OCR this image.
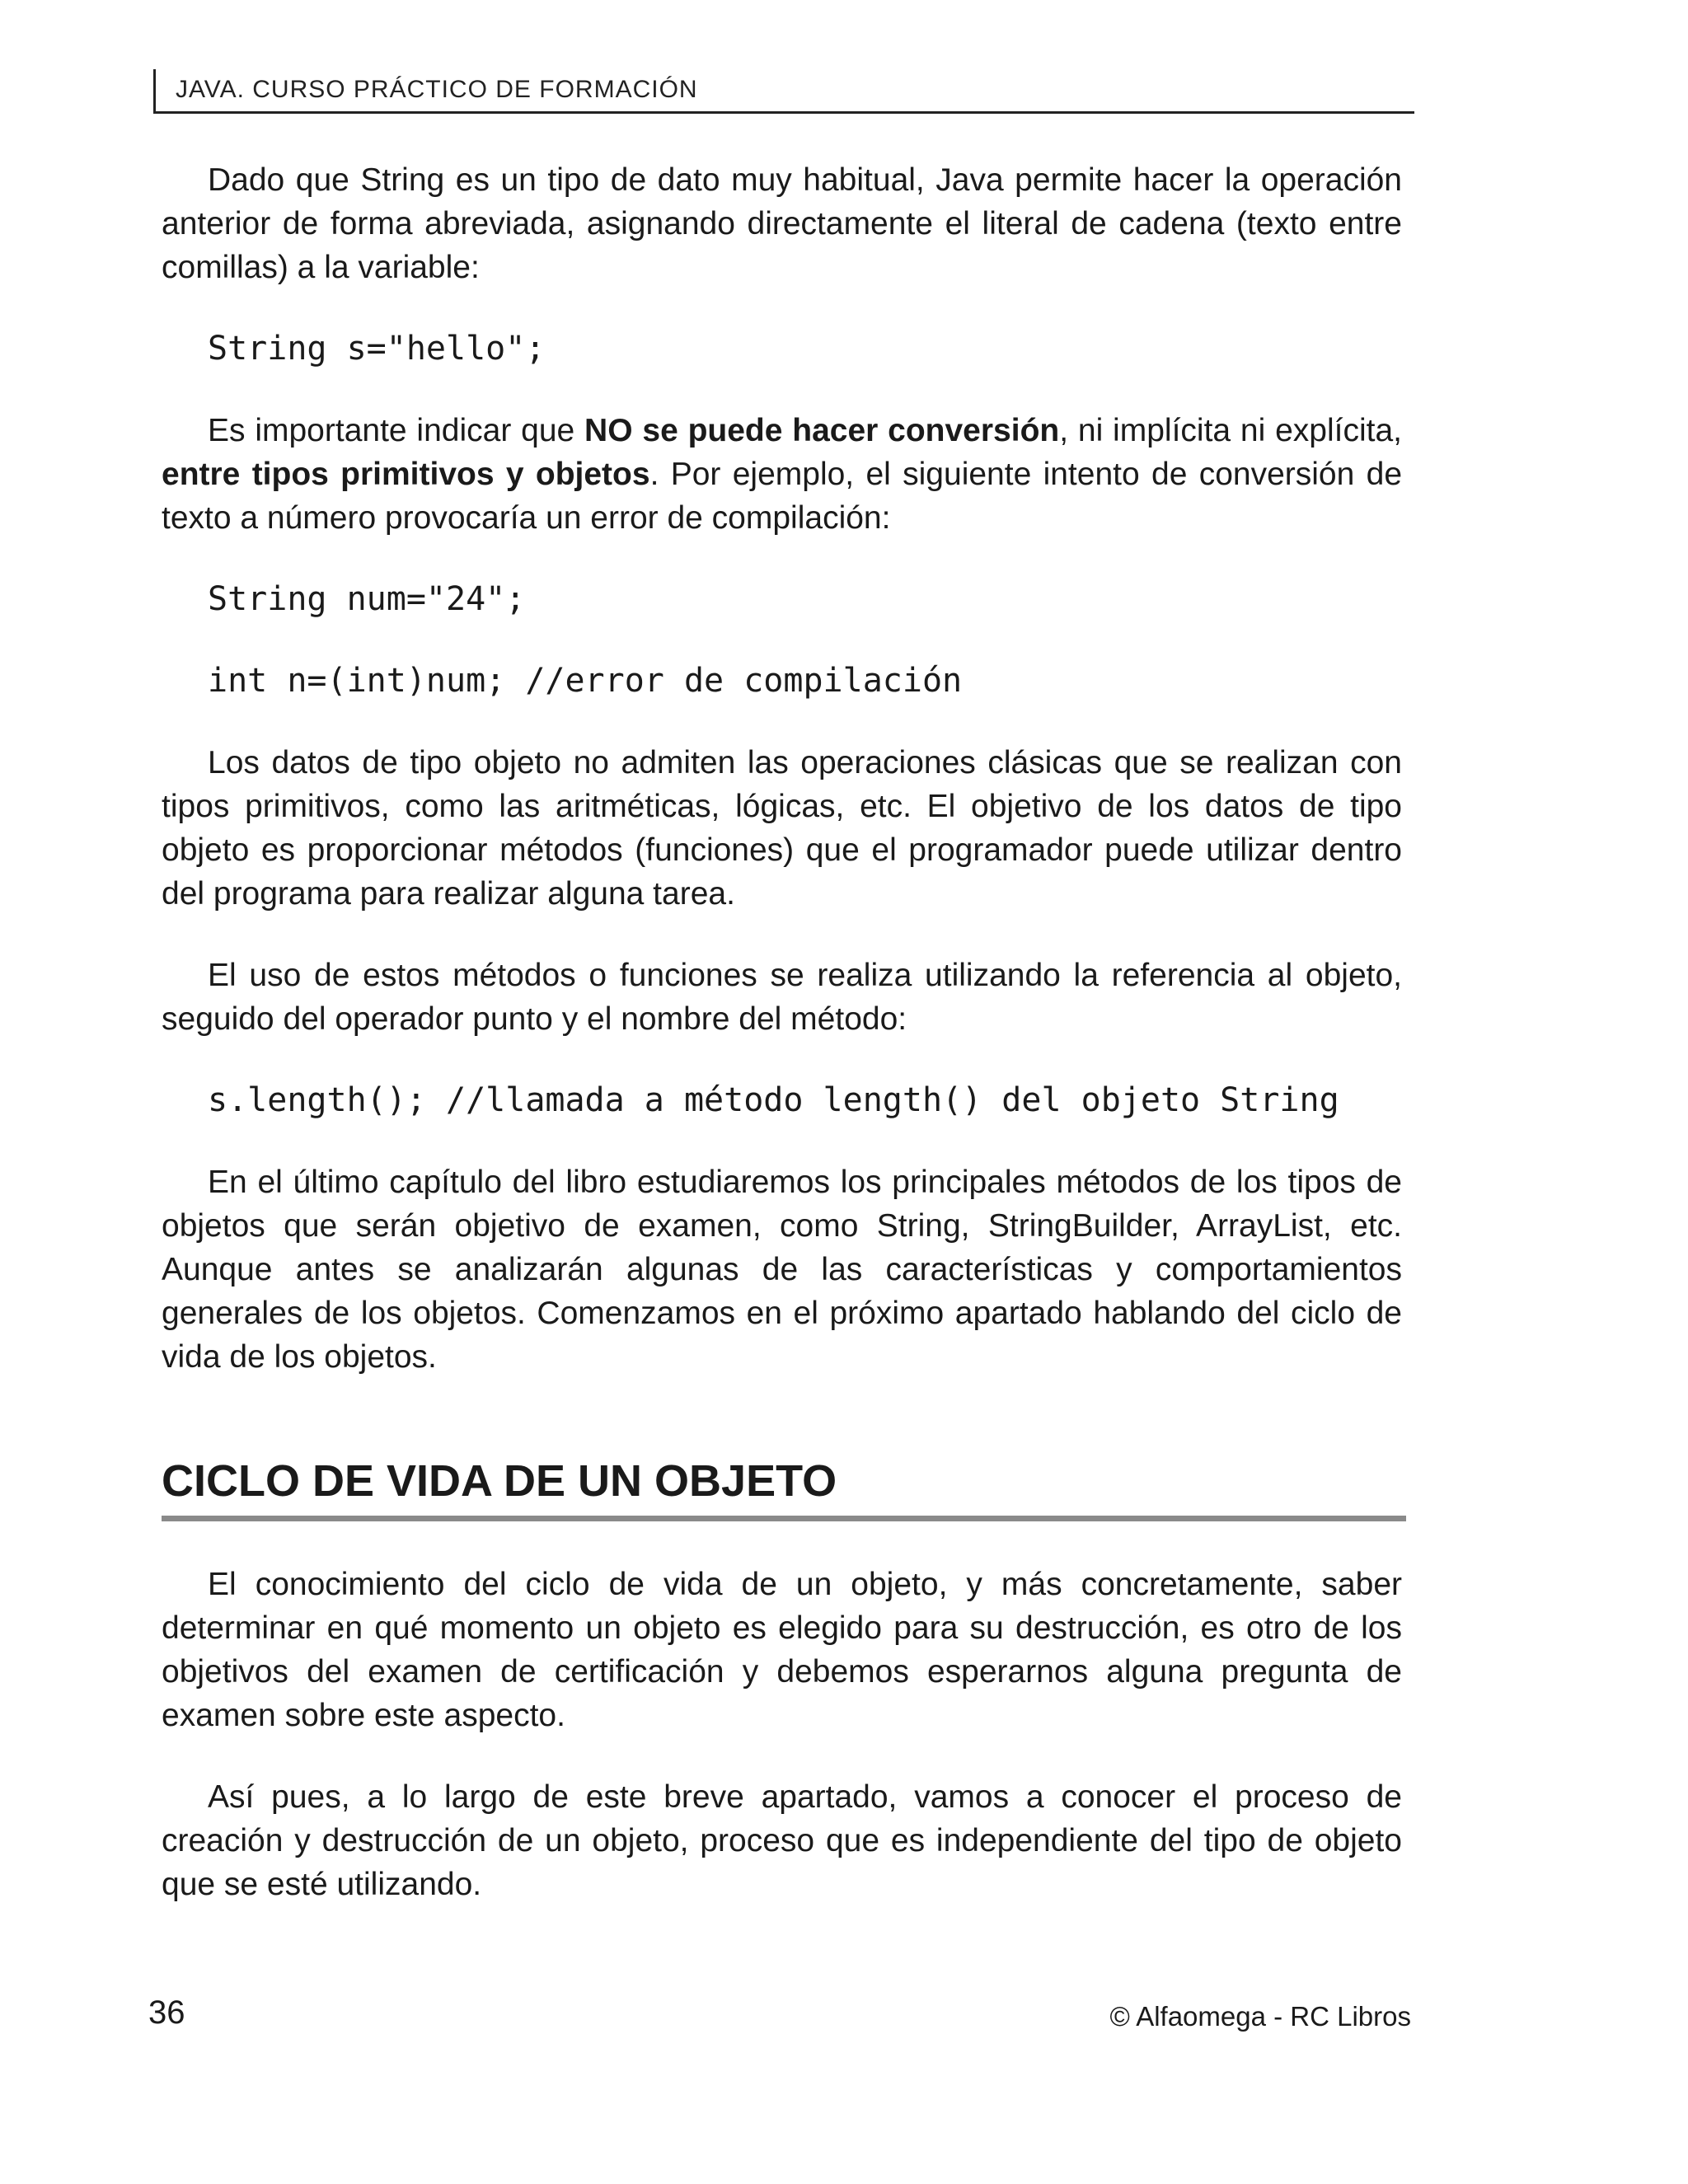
JAVA. CURSO PRÁCTICO DE FORMACIÓN

Dado que String es un tipo de dato muy habitual, Java permite hacer la operación anterior de forma abreviada, asignando directamente el literal de cadena (texto entre comillas) a la variable:

String s="hello";

Es importante indicar que NO se puede hacer conversión, ni implícita ni explícita, entre tipos primitivos y objetos. Por ejemplo, el siguiente intento de conversión de texto a número provocaría un error de compilación:

String num="24";
int n=(int)num; //error de compilación

Los datos de tipo objeto no admiten las operaciones clásicas que se realizan con tipos primitivos, como las aritméticas, lógicas, etc. El objetivo de los datos de tipo objeto es proporcionar métodos (funciones) que el programador puede utilizar dentro del programa para realizar alguna tarea.

El uso de estos métodos o funciones se realiza utilizando la referencia al objeto, seguido del operador punto y el nombre del método:

s.length(); //llamada a método length() del objeto String

En el último capítulo del libro estudiaremos los principales métodos de los tipos de objetos que serán objetivo de examen, como String, StringBuilder, ArrayList, etc. Aunque antes se analizarán algunas de las características y comportamientos generales de los objetos. Comenzamos en el próximo apartado hablando del ciclo de vida de los objetos.

CICLO DE VIDA DE UN OBJETO

El conocimiento del ciclo de vida de un objeto, y más concretamente, saber determinar en qué momento un objeto es elegido para su destrucción, es otro de los objetivos del examen de certificación y debemos esperarnos alguna pregunta de examen sobre este aspecto.

Así pues, a lo largo de este breve apartado, vamos a conocer el proceso de creación y destrucción de un objeto, proceso que es independiente del tipo de objeto que se esté utilizando.

36	© Alfaomega - RC Libros
